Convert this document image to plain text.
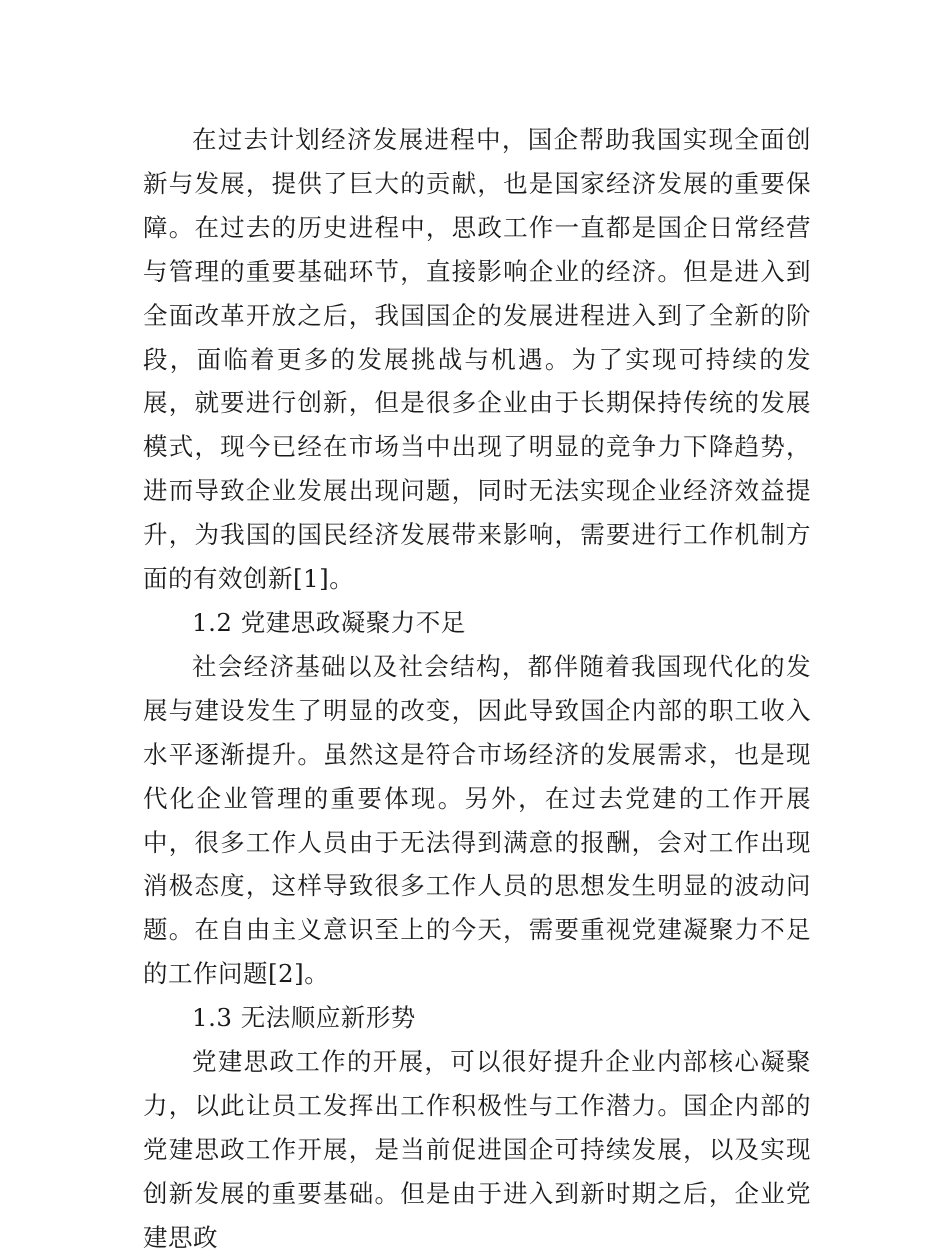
在过去计划经济发展进程中，国企帮助我国实现全面创新与发展，提供了巨大的贡献，也是国家经济发展的重要保障。在过去的历史进程中，思政工作一直都是国企日常经营与管理的重要基础环节，直接影响企业的经济。但是进入到全面改革开放之后，我国国企的发展进程进入到了全新的阶段，面临着更多的发展挑战与机遇。为了实现可持续的发展，就要进行创新，但是很多企业由于长期保持传统的发展模式，现今已经在市场当中出现了明显的竞争力下降趋势，进而导致企业发展出现问题，同时无法实现企业经济效益提升，为我国的国民经济发展带来影响，需要进行工作机制方面的有效创新[1]。

1.2 党建思政凝聚力不足

社会经济基础以及社会结构，都伴随着我国现代化的发展与建设发生了明显的改变，因此导致国企内部的职工收入水平逐渐提升。虽然这是符合市场经济的发展需求，也是现代化企业管理的重要体现。另外，在过去党建的工作开展中，很多工作人员由于无法得到满意的报酬，会对工作出现消极态度，这样导致很多工作人员的思想发生明显的波动问题。在自由主义意识至上的今天，需要重视党建凝聚力不足的工作问题[2]。

1.3 无法顺应新形势

党建思政工作的开展，可以很好提升企业内部核心凝聚力，以此让员工发挥出工作积极性与工作潜力。国企内部的党建思政工作开展，是当前促进国企可持续发展，以及实现创新发展的重要基础。但是由于进入到新时期之后，企业党建思政
